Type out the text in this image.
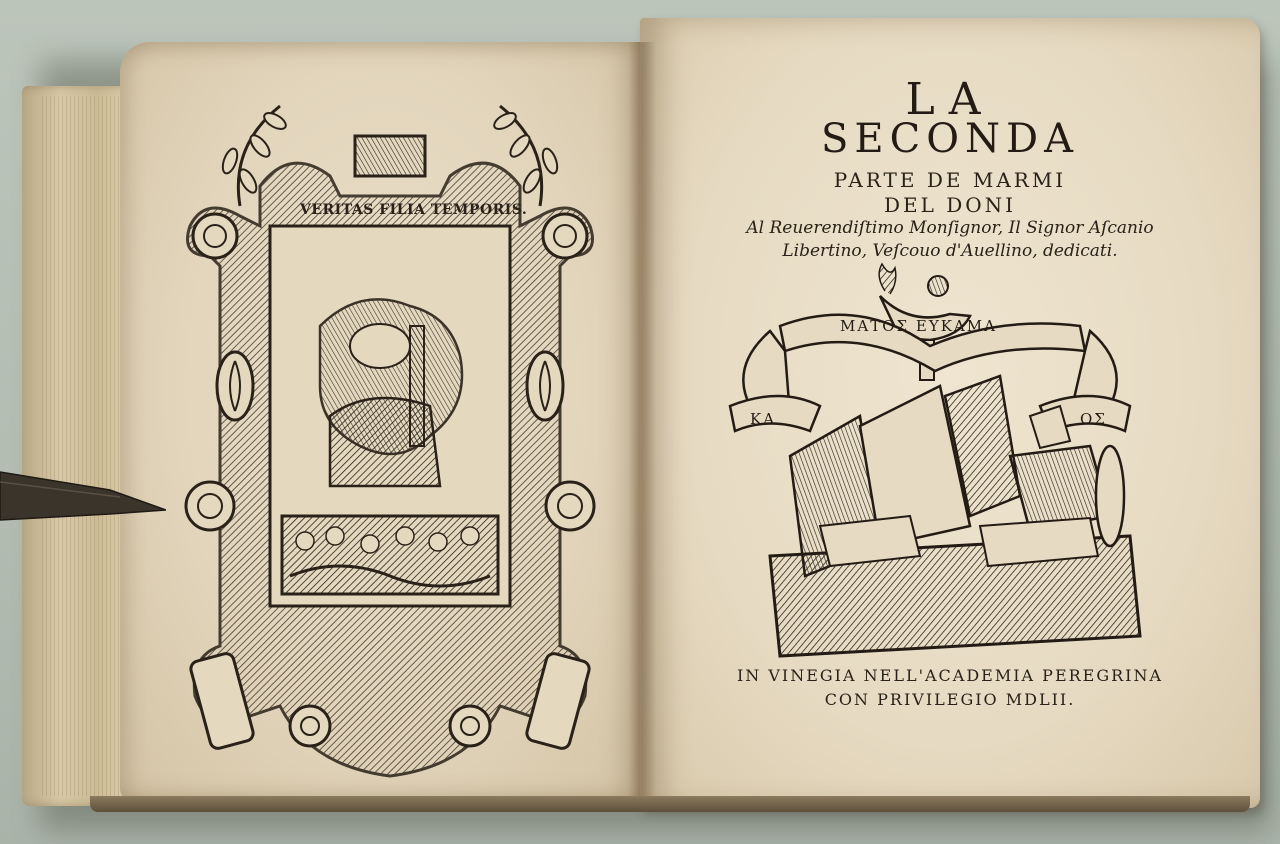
VERITAS FILIA TEMPORIS.
LA
SECONDA
PARTE DE MARMI
DEL DONI
Al Reuerendiſtimo Monſignor, Il Signor Aſcanio
Libertino, Veſcouo d'Auellino, dedicati.
ΜΑΤΟΣ ΕΥΚΑΜΑ
ΚΑ	ΟΣ
IN VINEGIA NELL'ACADEMIA PEREGRINA
CON PRIVILEGIO MDLII.
